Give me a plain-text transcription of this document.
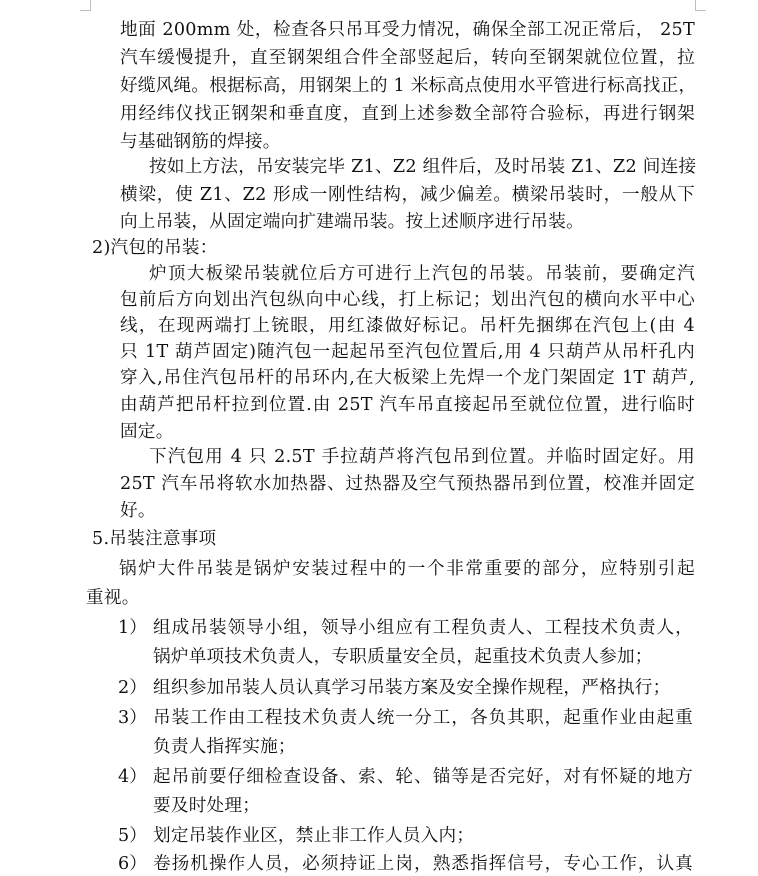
地面 200mm 处，检查各只吊耳受力情况，确保全部工况正常后， 25T
汽车缓慢提升，直至钢架组合件全部竖起后，转向至钢架就位位置，拉
好缆风绳。根据标高，用钢架上的 1 米标高点使用水平管进行标高找正，
用经纬仪找正钢架和垂直度，直到上述参数全部符合验标，再进行钢架
与基础钢筋的焊接。
按如上方法，吊安装完毕 Z1、Z2 组件后，及时吊装 Z1、Z2 间连接
横梁，使 Z1、Z2 形成一刚性结构，减少偏差。横梁吊装时，一般从下
向上吊装，从固定端向扩建端吊装。按上述顺序进行吊装。
2)汽包的吊装：
炉顶大板梁吊装就位后方可进行上汽包的吊装。吊装前，要确定汽
包前后方向划出汽包纵向中心线，打上标记；划出汽包的横向水平中心
线，在现两端打上铳眼，用红漆做好标记。吊杆先捆绑在汽包上(由 4
只 1T 葫芦固定)随汽包一起起吊至汽包位置后,用 4 只葫芦从吊杆孔内
穿入,吊住汽包吊杆的吊环内,在大板梁上先焊一个龙门架固定 1T 葫芦,
由葫芦把吊杆拉到位置.由 25T 汽车吊直接起吊至就位位置，进行临时
固定。
下汽包用 4 只 2.5T 手拉葫芦将汽包吊到位置。并临时固定好。用
25T 汽车吊将软水加热器、过热器及空气预热器吊到位置，校准并固定
好。
5.吊装注意事项
锅炉大件吊装是锅炉安装过程中的一个非常重要的部分，应特别引起
重视。
1） 组成吊装领导小组，领导小组应有工程负责人、工程技术负责人，
锅炉单项技术负责人，专职质量安全员，起重技术负责人参加；
2） 组织参加吊装人员认真学习吊装方案及安全操作规程，严格执行；
3） 吊装工作由工程技术负责人统一分工，各负其职，起重作业由起重
负责人指挥实施；
4） 起吊前要仔细检查设备、索、轮、锚等是否完好，对有怀疑的地方
要及时处理；
5） 划定吊装作业区，禁止非工作人员入内；
6） 卷扬机操作人员，必须持证上岗，熟悉指挥信号，专心工作，认真
